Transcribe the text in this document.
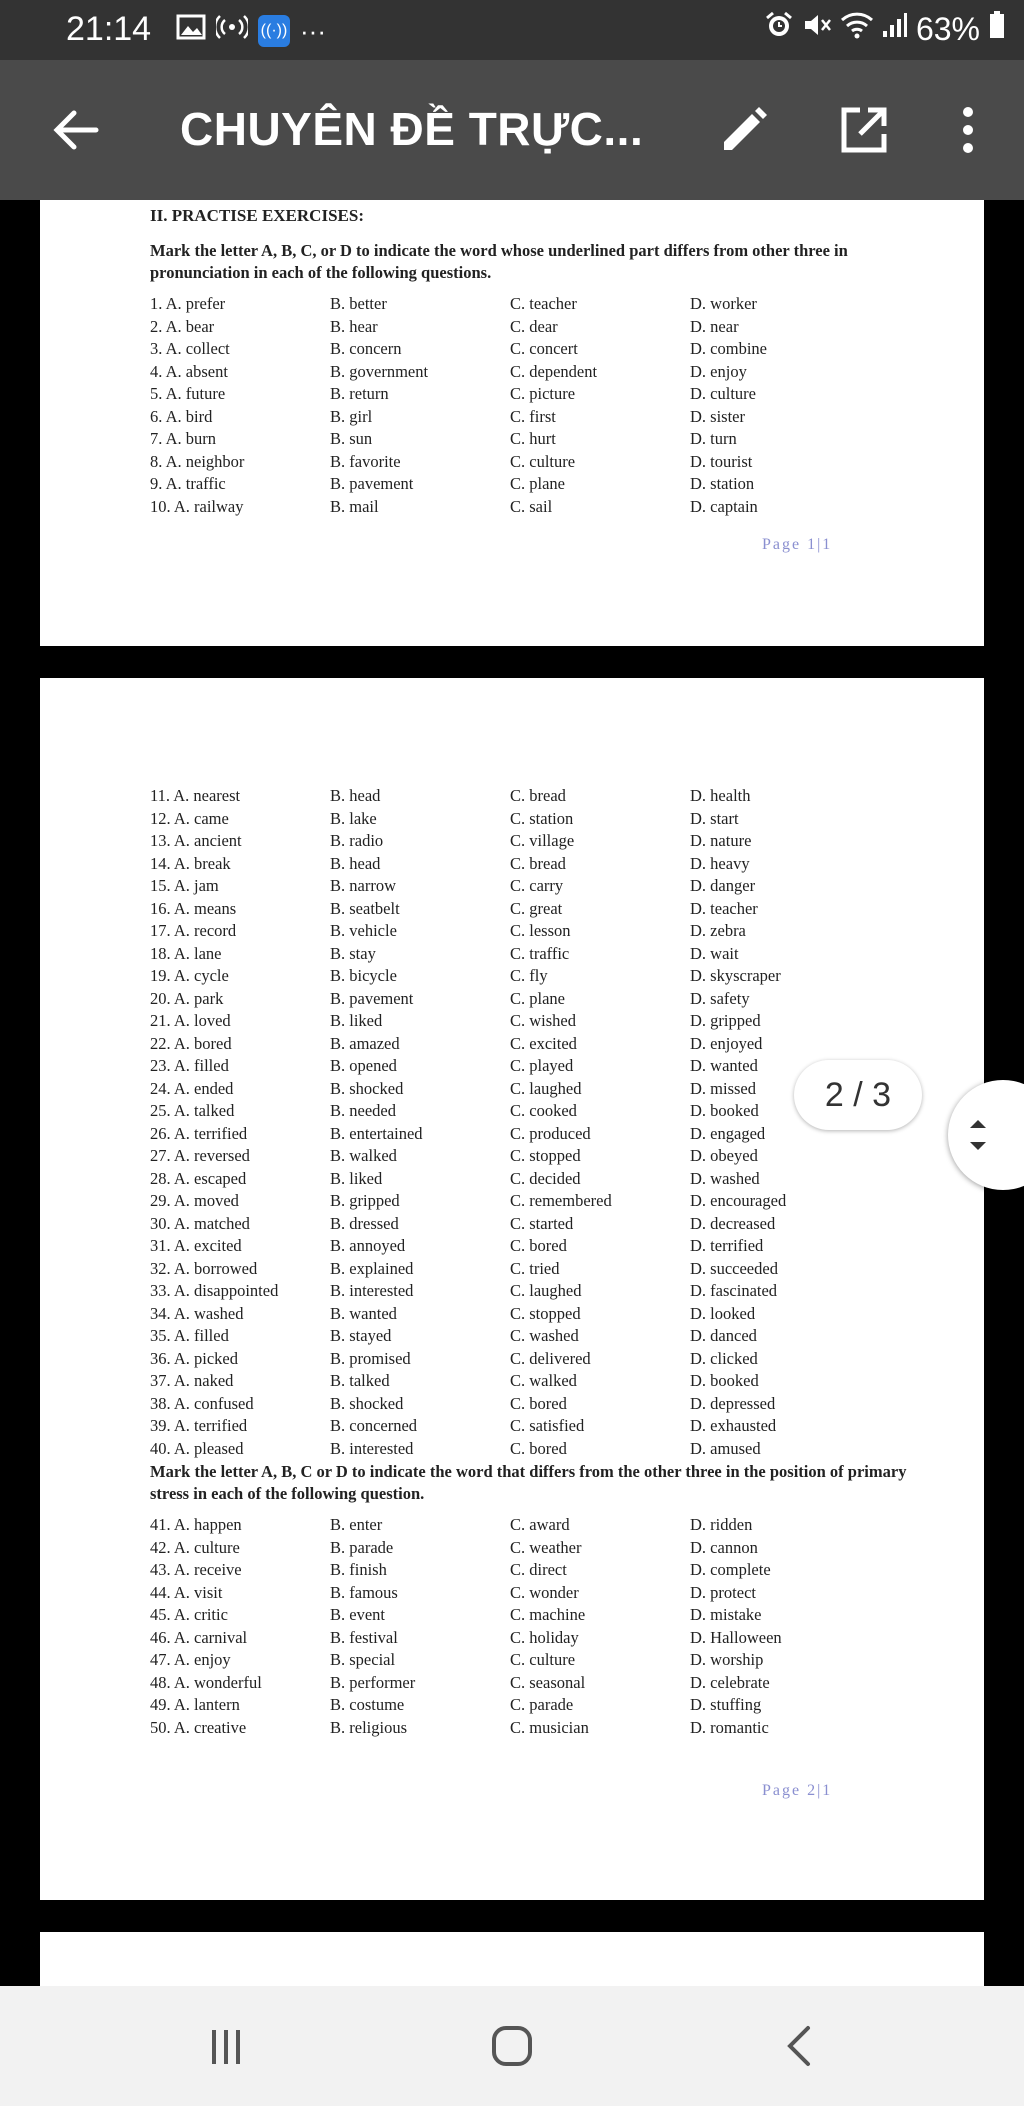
21:14	((·)) ···	63%
CHUYÊN ĐỀ TRỰC...
II. PRACTISE EXERCISES:
Mark the letter A, B, C, or D to indicate the word whose underlined part differs from other three in pronunciation in each of the following questions.
1. A. prefer	B. better	C. teacher	D. worker
2. A. bear	B. hear	C. dear	D. near
3. A. collect	B. concern	C. concert	D. combine
4. A. absent	B. government	C. dependent	D. enjoy
5. A. future	B. return	C. picture	D. culture
6. A. bird	B. girl	C. first	D. sister
7. A. burn	B. sun	C. hurt	D. turn
8. A. neighbor	B. favorite	C. culture	D. tourist
9. A. traffic	B. pavement	C. plane	D. station
10. A. railway	B. mail	C. sail	D. captain
Page 1|1
11. A. nearest	B. head	C. bread	D. health
12. A. came	B. lake	C. station	D. start
13. A. ancient	B. radio	C. village	D. nature
14. A. break	B. head	C. bread	D. heavy
15. A. jam	B. narrow	C. carry	D. danger
16. A. means	B. seatbelt	C. great	D. teacher
17. A. record	B. vehicle	C. lesson	D. zebra
18. A. lane	B. stay	C. traffic	D. wait
19. A. cycle	B. bicycle	C. fly	D. skyscraper
20. A. park	B. pavement	C. plane	D. safety
21. A. loved	B. liked	C. wished	D. gripped
22. A. bored	B. amazed	C. excited	D. enjoyed
23. A. filled	B. opened	C. played	D. wanted
24. A. ended	B. shocked	C. laughed	D. missed
25. A. talked	B. needed	C. cooked	D. booked
26. A. terrified	B. entertained	C. produced	D. engaged
27. A. reversed	B. walked	C. stopped	D. obeyed
28. A. escaped	B. liked	C. decided	D. washed
29. A. moved	B. gripped	C. remembered	D. encouraged
30. A. matched	B. dressed	C. started	D. decreased
31. A. excited	B. annoyed	C. bored	D. terrified
32. A. borrowed	B. explained	C. tried	D. succeeded
33. A. disappointed	B. interested	C. laughed	D. fascinated
34. A. washed	B. wanted	C. stopped	D. looked
35. A. filled	B. stayed	C. washed	D. danced
36. A. picked	B. promised	C. delivered	D. clicked
37. A. naked	B. talked	C. walked	D. booked
38. A. confused	B. shocked	C. bored	D. depressed
39. A. terrified	B. concerned	C. satisfied	D. exhausted
40. A. pleased	B. interested	C. bored	D. amused
Mark the letter A, B, C or D to indicate the word that differs from the other three in the position of primary stress in each of the following question.
41. A. happen	B. enter	C. award	D. ridden
42. A. culture	B. parade	C. weather	D. cannon
43. A. receive	B. finish	C. direct	D. complete
44. A. visit	B. famous	C. wonder	D. protect
45. A. critic	B. event	C. machine	D. mistake
46. A. carnival	B. festival	C. holiday	D. Halloween
47. A. enjoy	B. special	C. culture	D. worship
48. A. wonderful	B. performer	C. seasonal	D. celebrate
49. A. lantern	B. costume	C. parade	D. stuffing
50. A. creative	B. religious	C. musician	D. romantic
Page 2|1
2 / 3
